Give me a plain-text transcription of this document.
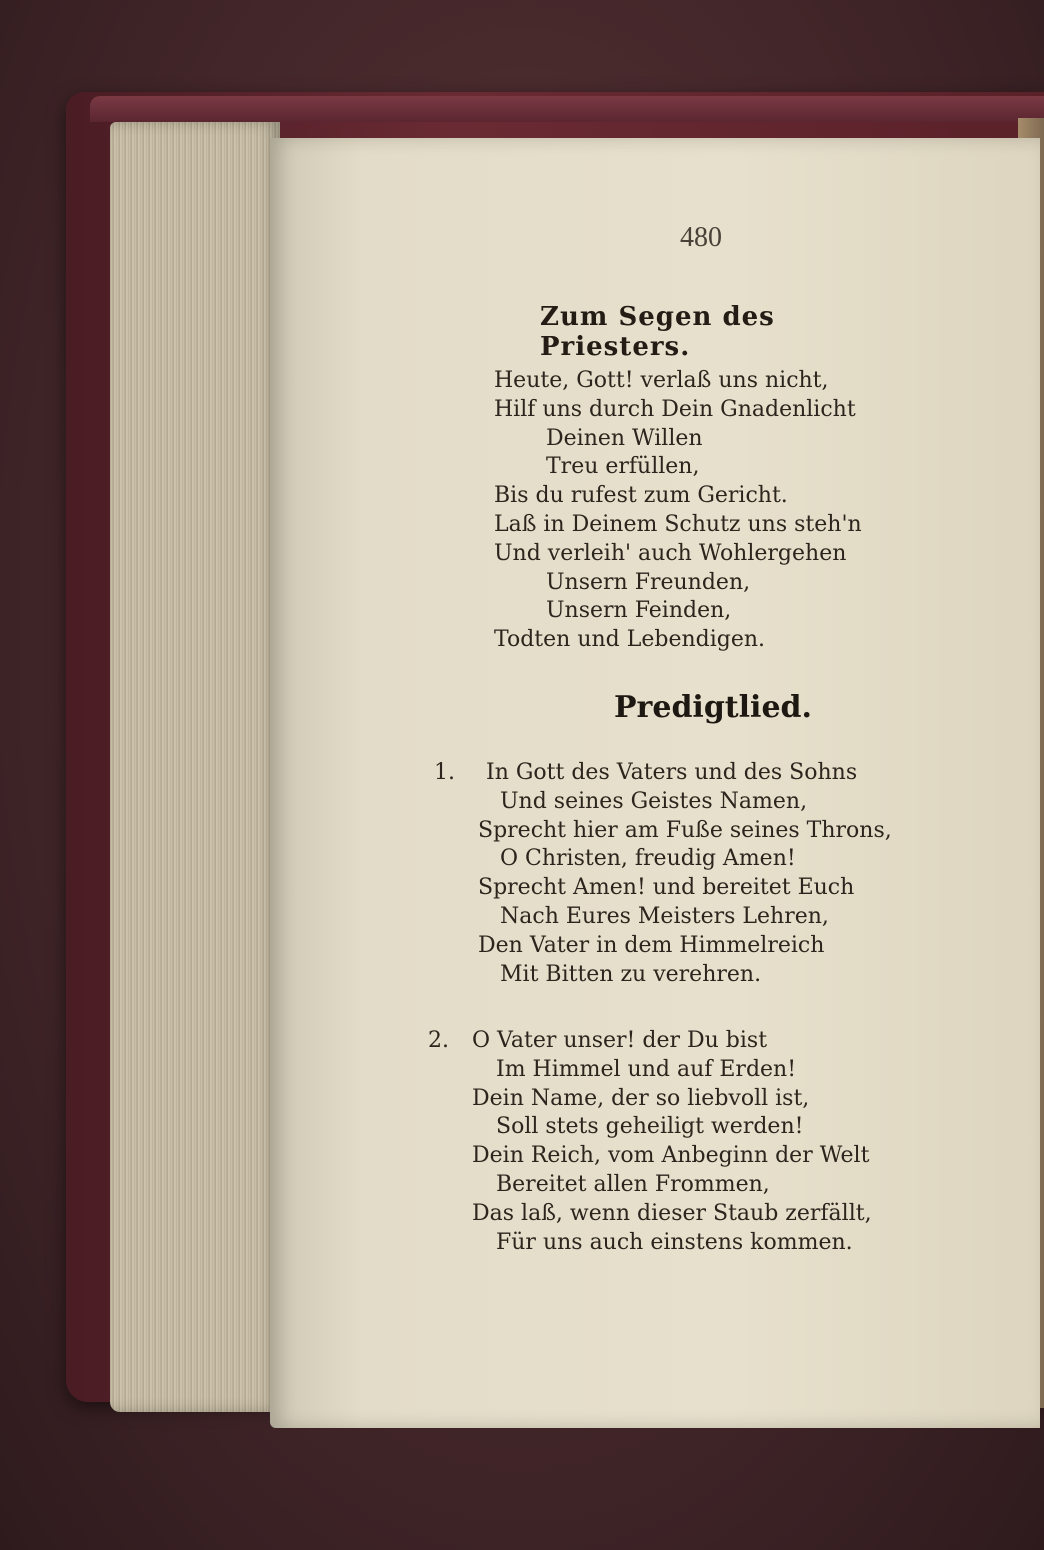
480
Zum Segen des Priesters.
Heute, Gott! verlaß uns nicht,
Hilf uns durch Dein Gnadenlicht
Deinen Willen
Treu erfüllen,
Bis du rufest zum Gericht.
Laß in Deinem Schutz uns steh'n
Und verleih' auch Wohlergehen
Unsern Freunden,
Unsern Feinden,
Todten und Lebendigen.
Predigtlied.
1.	In Gott des Vaters und des Sohns
Und seines Geistes Namen,
Sprecht hier am Fuße seines Throns,
O Christen, freudig Amen!
Sprecht Amen! und bereitet Euch
Nach Eures Meisters Lehren,
Den Vater in dem Himmelreich
Mit Bitten zu verehren.
2. O Vater unser! der Du bist
Im Himmel und auf Erden!
Dein Name, der so liebvoll ist,
Soll stets geheiligt werden!
Dein Reich, vom Anbeginn der Welt
Bereitet allen Frommen,
Das laß, wenn dieser Staub zerfällt,
Für uns auch einstens kommen.
